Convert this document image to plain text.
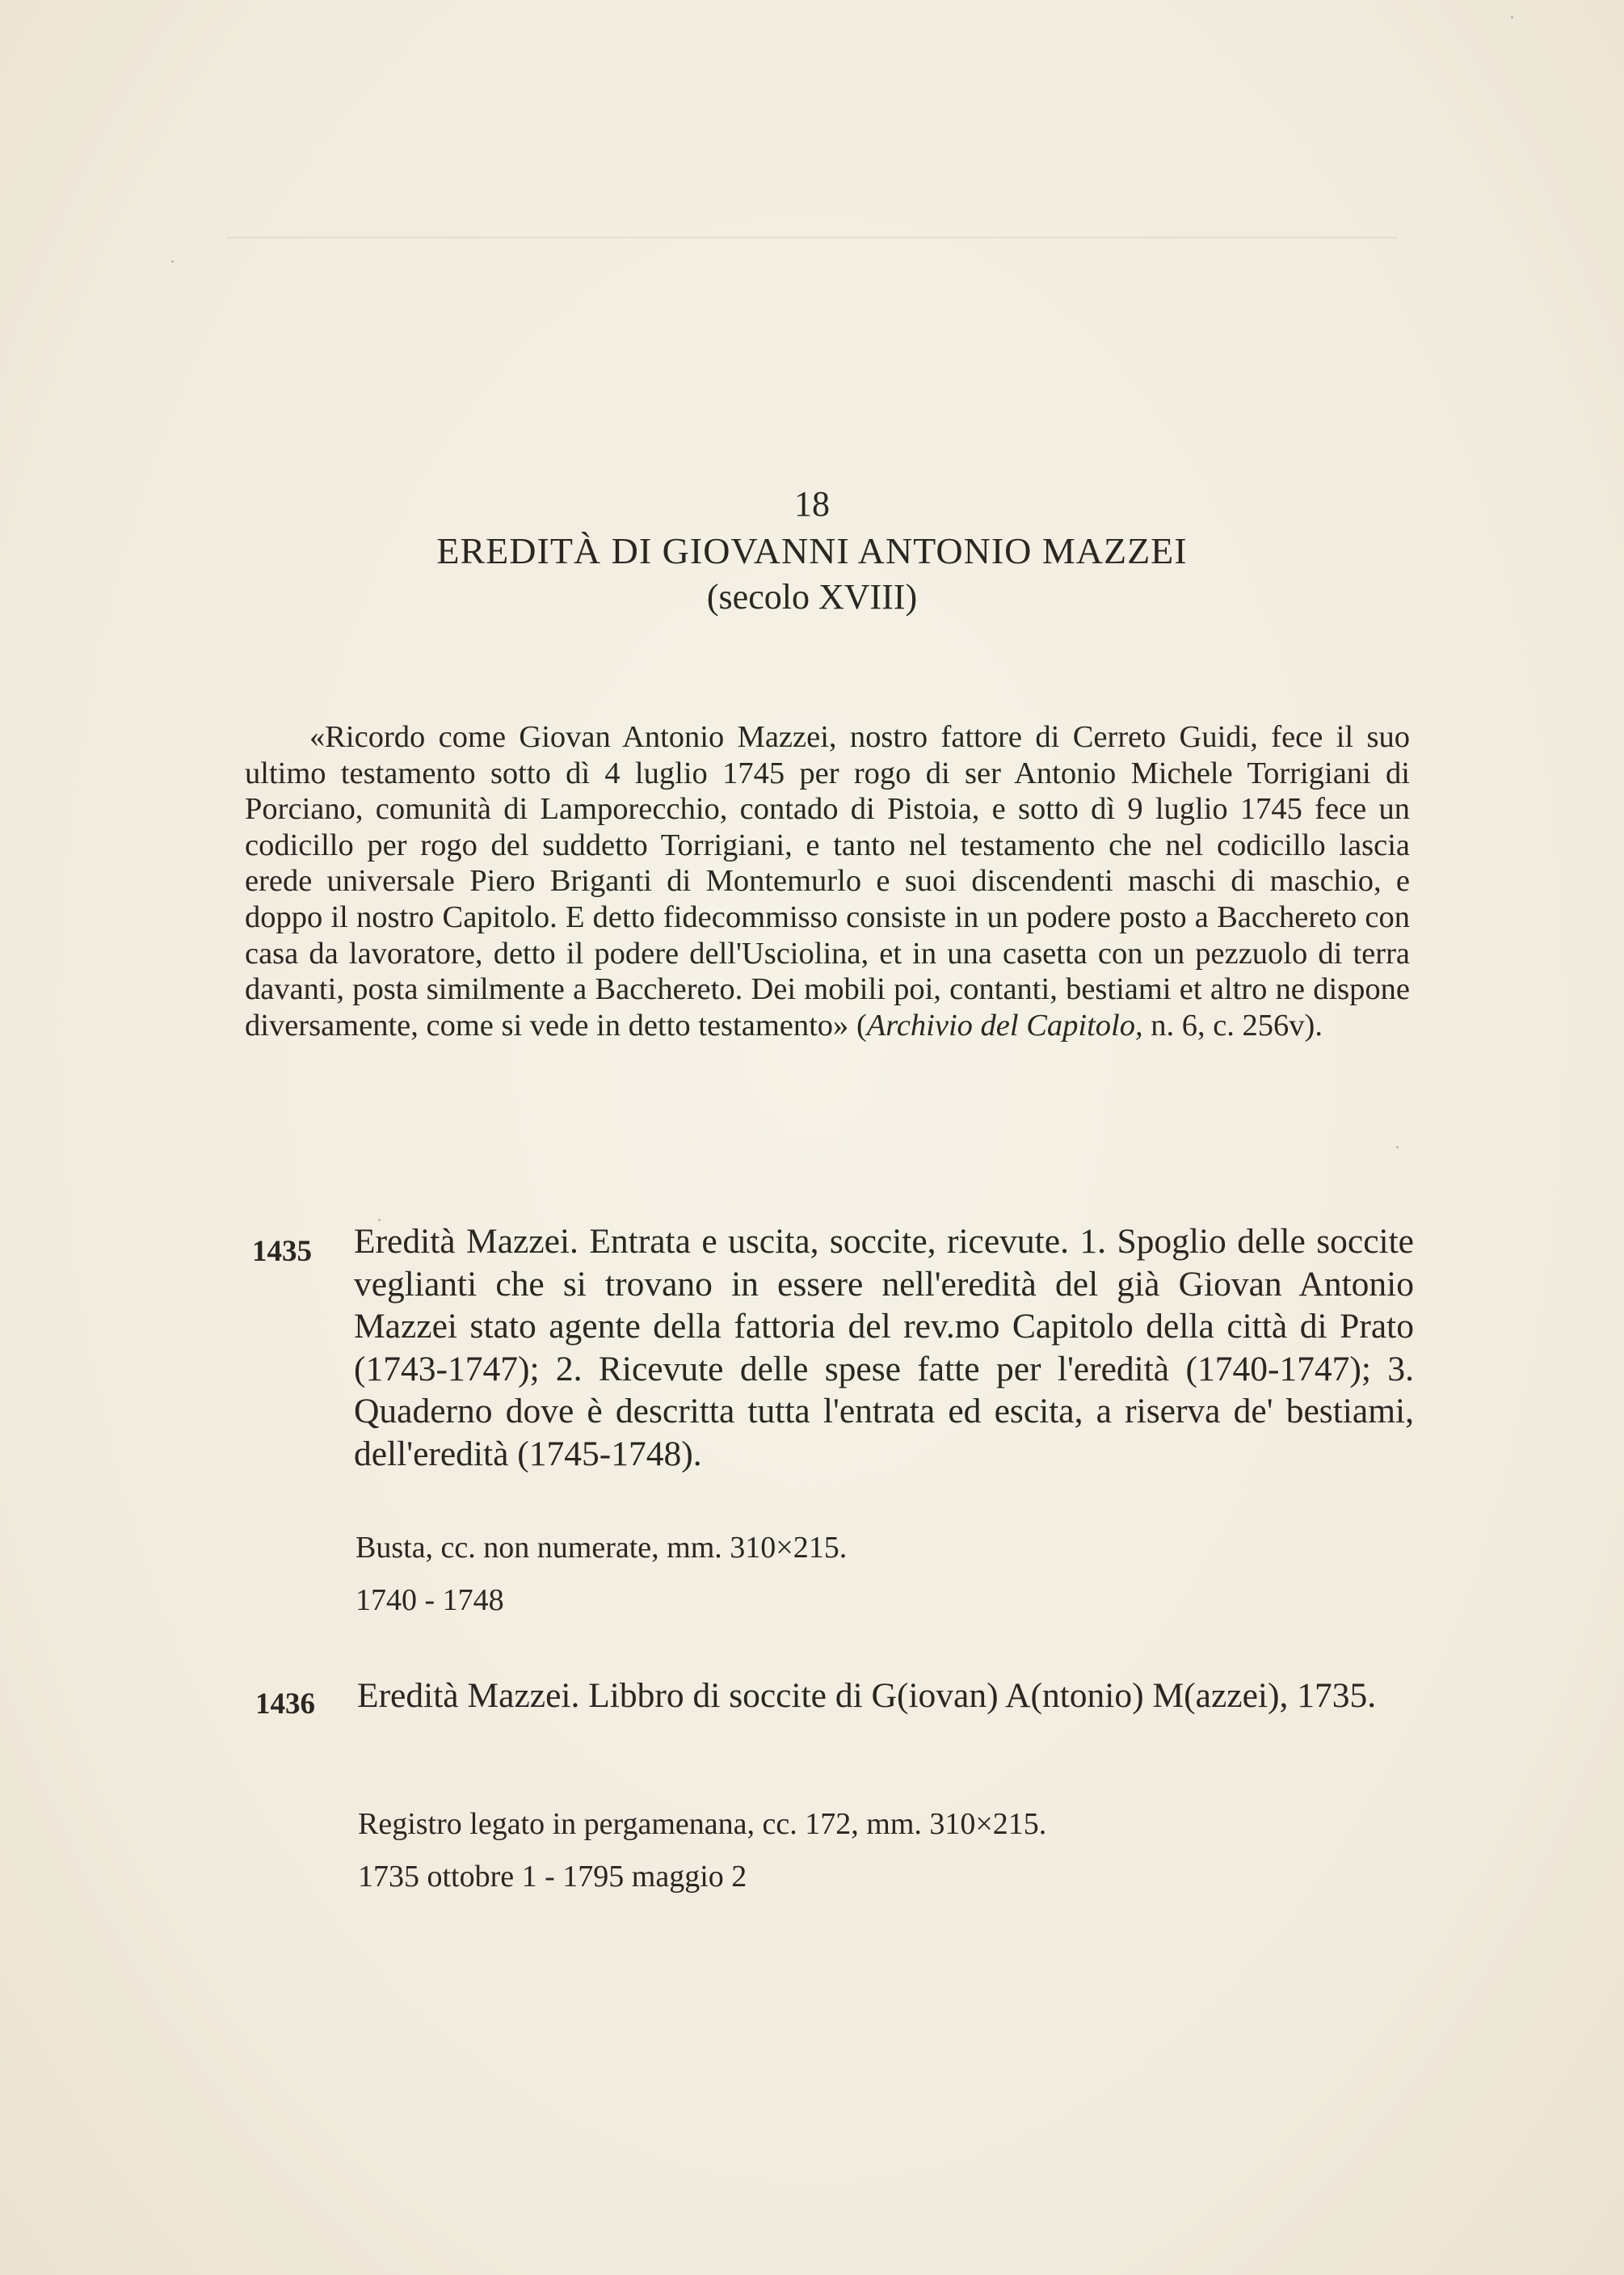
18
EREDITÀ DI GIOVANNI ANTONIO MAZZEI
(secolo XVIII)
«Ricordo come Giovan Antonio Mazzei, nostro fattore di Cerreto Guidi, fece il suo ultimo testamento sotto dì 4 luglio 1745 per rogo di ser Antonio Michele Torrigiani di Porciano, comunità di Lamporecchio, contado di Pistoia, e sotto dì 9 luglio 1745 fece un codicillo per rogo del suddetto Torrigiani, e tanto nel testamento che nel codicillo lascia erede universale Piero Briganti di Montemurlo e suoi discendenti maschi di maschio, e doppo il nostro Capitolo. E detto fidecommisso consiste in un podere posto a Bacchereto con casa da lavoratore, detto il podere dell'Usciolina, et in una casetta con un pezzuolo di terra davanti, posta similmente a Bacchereto. Dei mobili poi, contanti, bestiami et altro ne dispone diversamente, come si vede in detto testamento» (Archivio del Capitolo, n. 6, c. 256v).
1435 Eredità Mazzei. Entrata e uscita, soccite, ricevute. 1. Spoglio delle soccite veglianti che si trovano in essere nell'eredità del già Giovan Antonio Mazzei stato agente della fattoria del rev.mo Capitolo della città di Prato (1743-1747); 2. Ricevute delle spese fatte per l'eredità (1740-1747); 3. Quaderno dove è descritta tutta l'entrata ed escita, a riserva de' bestiami, dell'eredità (1745-1748).
Busta, cc. non numerate, mm. 310×215.
1740 - 1748
1436 Eredità Mazzei. Libbro di soccite di G(iovan) A(ntonio) M(azzei), 1735.
Registro legato in pergamenana, cc. 172, mm. 310×215.
1735 ottobre 1 - 1795 maggio 2
